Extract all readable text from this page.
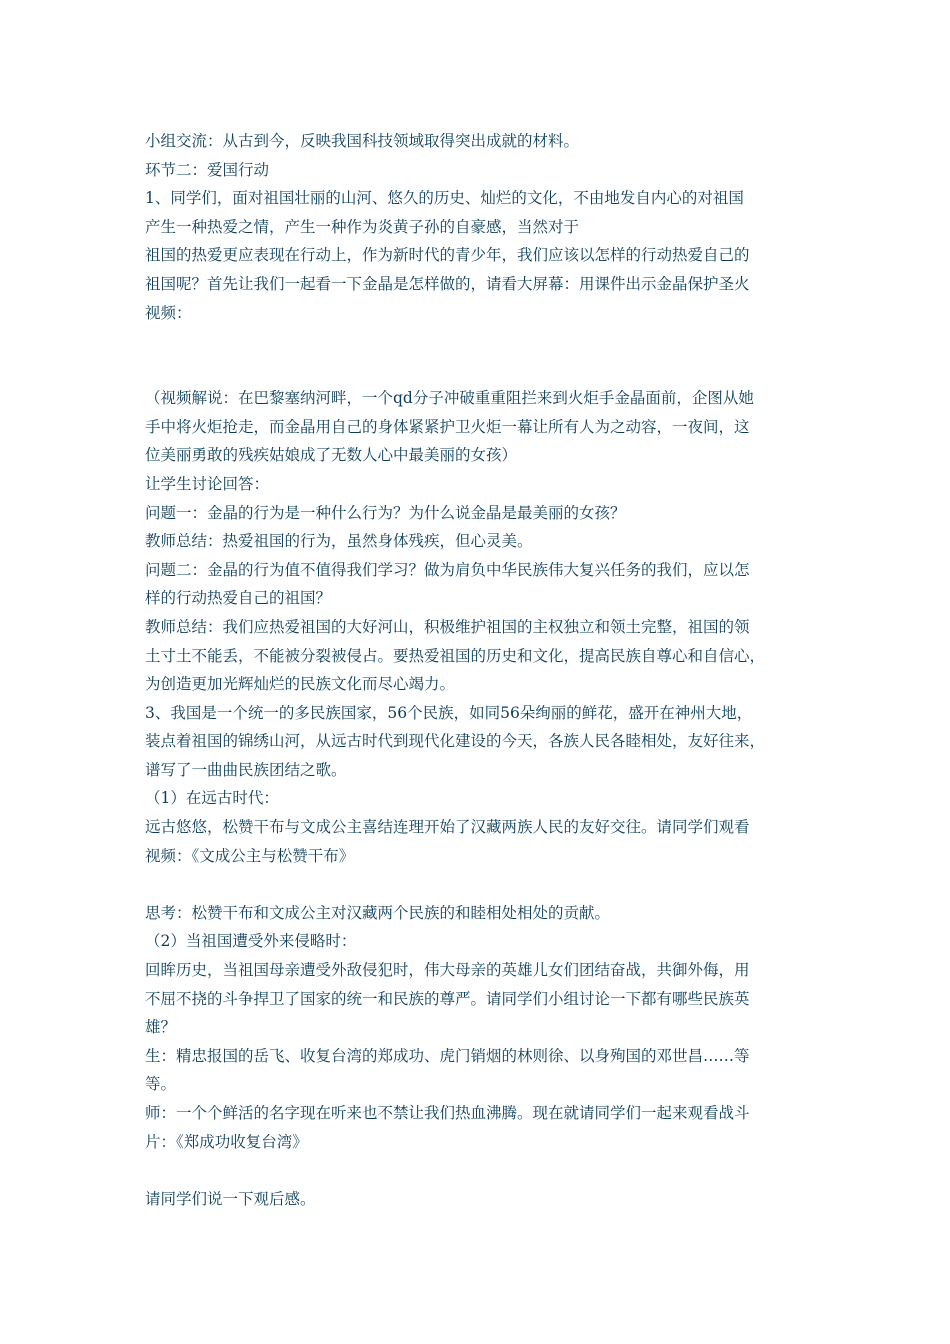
小组交流：从古到今，反映我国科技领域取得突出成就的材料。
环节二：爱国行动
1、同学们，面对祖国壮丽的山河、悠久的历史、灿烂的文化，不由地发自内心的对祖国
产生一种热爱之情，产生一种作为炎黄子孙的自豪感，当然对于
祖国的热爱更应表现在行动上，作为新时代的青少年，我们应该以怎样的行动热爱自己的
祖国呢？首先让我们一起看一下金晶是怎样做的，请看大屏幕：用课件出示金晶保护圣火
视频：
（视频解说：在巴黎塞纳河畔，一个qd分子冲破重重阻拦来到火炬手金晶面前，企图从她
手中将火炬抢走，而金晶用自己的身体紧紧护卫火炬一幕让所有人为之动容，一夜间，这
位美丽勇敢的残疾姑娘成了无数人心中最美丽的女孩）
让学生讨论回答：
问题一：金晶的行为是一种什么行为？为什么说金晶是最美丽的女孩？
教师总结：热爱祖国的行为，虽然身体残疾，但心灵美。
问题二：金晶的行为值不值得我们学习？做为肩负中华民族伟大复兴任务的我们，应以怎
样的行动热爱自己的祖国？
教师总结：我们应热爱祖国的大好河山，积极维护祖国的主权独立和领土完整，祖国的领
土寸土不能丢，不能被分裂被侵占。要热爱祖国的历史和文化，提高民族自尊心和自信心，
为创造更加光辉灿烂的民族文化而尽心竭力。
3、我国是一个统一的多民族国家，56个民族，如同56朵绚丽的鲜花，盛开在神州大地，
装点着祖国的锦绣山河，从远古时代到现代化建设的今天，各族人民各睦相处，友好往来，
谱写了一曲曲民族团结之歌。
（1）在远古时代：
远古悠悠，松赞干布与文成公主喜结连理开始了汉藏两族人民的友好交往。请同学们观看
视频：《文成公主与松赞干布》
思考：松赞干布和文成公主对汉藏两个民族的和睦相处相处的贡献。
（2）当祖国遭受外来侵略时：
回眸历史，当祖国母亲遭受外敌侵犯时，伟大母亲的英雄儿女们团结奋战，共御外侮，用
不屈不挠的斗争捍卫了国家的统一和民族的尊严。请同学们小组讨论一下都有哪些民族英
雄？
生：精忠报国的岳飞、收复台湾的郑成功、虎门销烟的林则徐、以身殉国的邓世昌……等
等。
师：一个个鲜活的名字现在听来也不禁让我们热血沸腾。现在就请同学们一起来观看战斗
片：《郑成功收复台湾》
请同学们说一下观后感。
